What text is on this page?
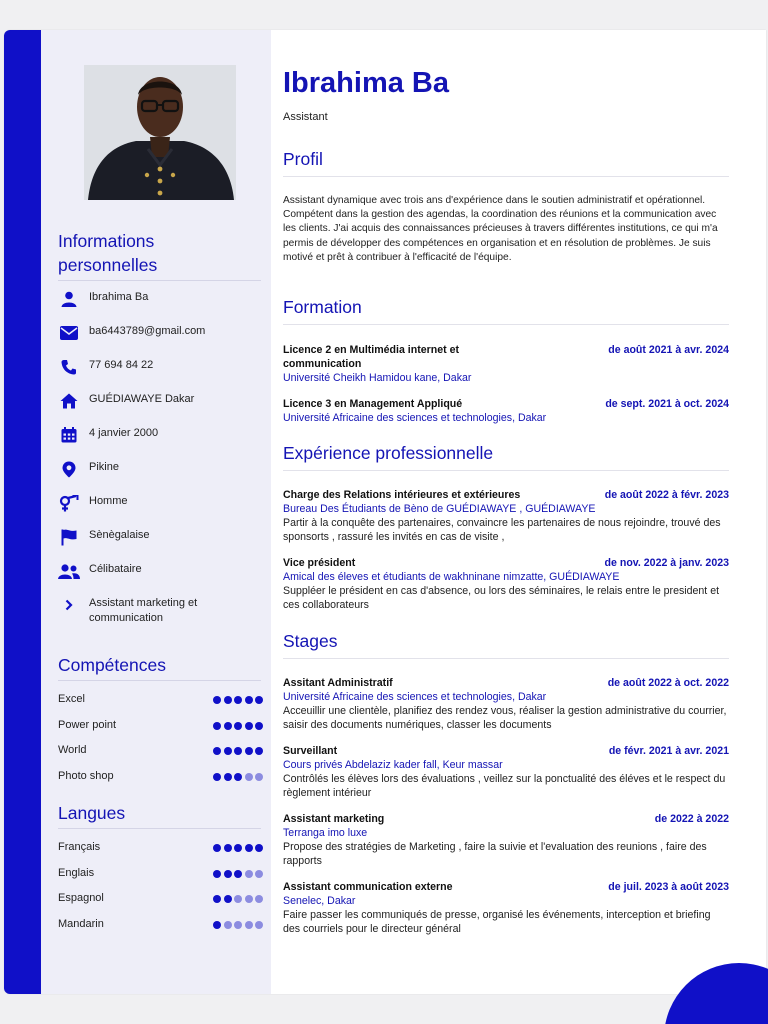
Informations
personnelles
Ibrahima Ba
ba6443789@gmail.com
77 694 84 22
GUÉDIAWAYE Dakar
4 janvier 2000
Pikine
Homme
Sènègalaise
Célibataire
Assistant marketing et communication
Compétences
Excel
Power point
World
Photo shop
Langues
Français
Englais
Espagnol
Mandarin
Ibrahima Ba
Assistant
Profil
Assistant dynamique avec trois ans d'expérience dans le soutien administratif et opérationnel. Compétent dans la gestion des agendas, la coordination des réunions et la communication avec les clients. J'ai acquis des connaissances précieuses à travers différentes institutions, ce qui m'a permis de développer des compétences en organisation et en résolution de problèmes. Je suis motivé et prêt à contribuer à l'efficacité de l'équipe.
Formation
Licence 2 en Multimédia internet et communication
de août 2021 à avr. 2024
Université Cheikh Hamidou kane, Dakar
Licence 3 en Management Appliqué	de sept. 2021 à oct. 2024
Université Africaine des sciences et technologies, Dakar
Expérience professionnelle
Charge des Relations intérieures et extérieures	de août 2022 à févr. 2023
Bureau Des Étudiants de Bèno de GUÉDIAWAYE , GUÉDIAWAYE
Partir à la conquête des partenaires, convaincre les partenaires de nous rejoindre, trouvé des sponsorts , rassuré les invités en cas de visite ,
Vice président	de nov. 2022 à janv. 2023
Amical des éleves et étudiants de wakhninane nimzatte, GUÉDIAWAYE
Suppléer le président en cas d'absence, ou lors des séminaires, le relais entre le president et ces collaborateurs
Stages
Assitant Administratif	de août 2022 à oct. 2022
Université Africaine des sciences et technologies, Dakar
Acceuillir une clientèle, planifiez des rendez vous, réaliser la gestion administrative du courrier, saisir des documents numériques, classer les documents
Surveillant	de févr. 2021 à avr. 2021
Cours privés Abdelaziz kader fall, Keur massar
Contrôlés les élèves lors des évaluations , veillez sur la ponctualité des éléves et le respect du règlement intérieur
Assistant marketing	de 2022 à 2022
Terranga imo luxe
Propose des stratégies de Marketing , faire la suivie et l'evaluation des reunions , faire des rapports
Assistant communication externe	de juil. 2023 à août 2023
Senelec, Dakar
Faire passer les communiqués de presse, organisé les événements, interception et briefing des courriels pour le directeur général
